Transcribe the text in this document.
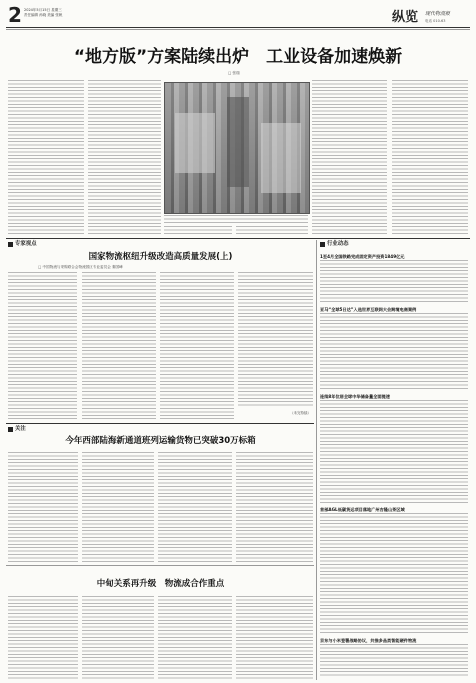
2 2024年5月15日 星期三
责任编辑 孙晓 美编 张帆	纵览 现代物流报
电话 010-63
“地方版”方案陆续出炉　工业设备加速焕新
□ 张瑞
专家视点
国家物流枢纽升级改造高质量发展(上)
□ 中国物流与采购联合会物流园区专业委员会 秦国峰
（未完待续）
行业动态
1至4月全国铁路完成固定资产投资1849亿元
亚马“全球5日达”入选世界互联网大会跨境电商案例
连续8年位居全球中华储备量全面提速
首部AGL低碳货运项目落地广州吉隆山茶区域
京东与小米签署战略协议，共推多品类智能硬件物流
关注
今年西部陆海新通道班列运输货物已突破30万标箱
中甸关系再升级　物流成合作重点
